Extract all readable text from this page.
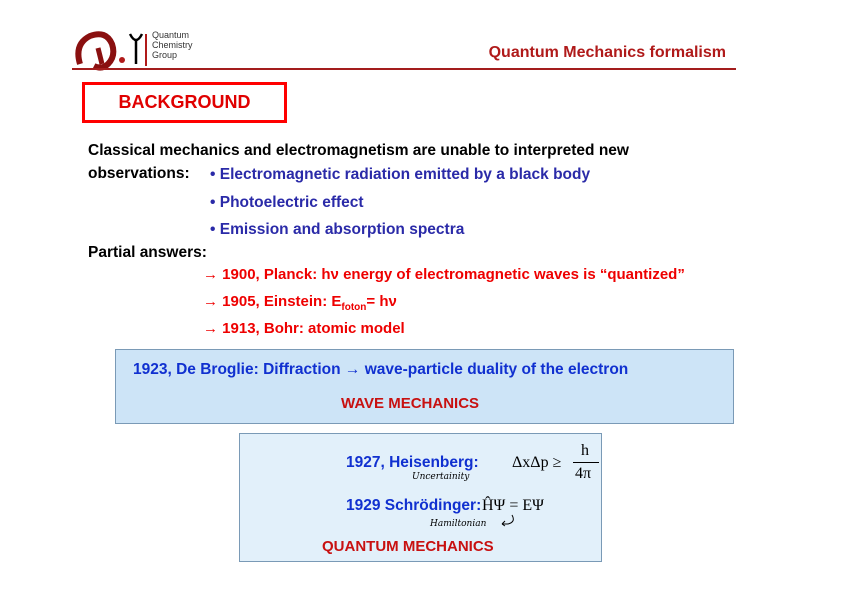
Quantum
Chemistry
Group	Quantum Mechanics formalism
BACKGROUND
Classical mechanics and electromagnetism are unable to interpreted new
observations: • Electromagnetic radiation emitted by a black body
• Photoelectric effect
• Emission and absorption spectra
Partial answers:
→ 1900, Planck: hν energy of electromagnetic waves is “quantized”
→ 1905, Einstein: $E_{foton}= h\nu$
→ 1913, Bohr: atomic model
1923, De Broglie: Diffraction → wave-particle duality of the electron
WAVE MECHANICS
1927, Heisenberg: ΔxΔp ≥
h
4π
Uncertainity
1929 Schrödinger: ĤΨ = EΨ
Hamiltonian
QUANTUM MECHANICS
